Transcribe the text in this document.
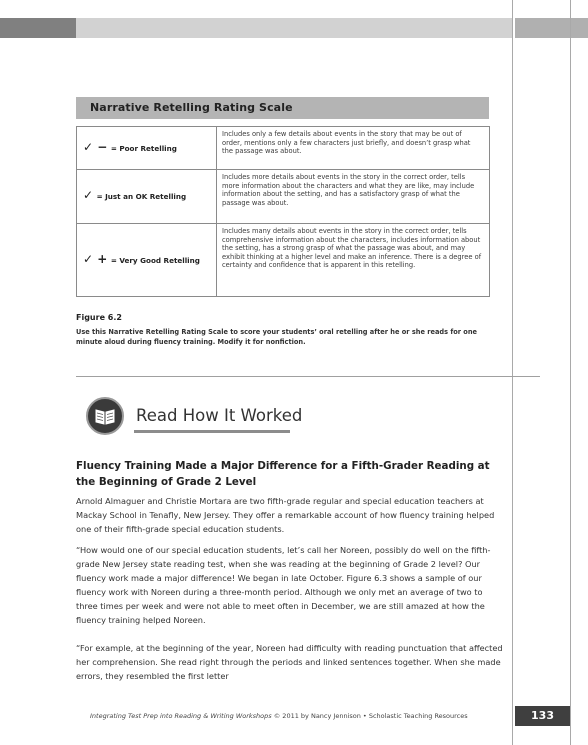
Narrative Retelling Rating Scale
✓ − = Poor Retelling	Includes only a few details about events in the story that may be out of order, mentions only a few characters just briefly, and doesn’t grasp what the passage was about.
✓ = Just an OK Retelling	Includes more details about events in the story in the correct order, tells more information about the characters and what they are like, may include information about the setting, and has a satisfactory grasp of what the passage was about.
✓ + = Very Good Retelling	Includes many details about events in the story in the correct order, tells comprehensive information about the characters, includes information about the setting, has a strong grasp of what the passage was about, and may exhibit thinking at a higher level and make an inference. There is a degree of certainty and confidence that is apparent in this retelling.
Figure 6.2
Use this Narrative Retelling Rating Scale to score your students’ oral retelling after he or she reads for one minute aloud during fluency training. Modify it for nonfiction.
Read How It Worked
Fluency Training Made a Major Difference for a Fifth-Grader Reading at the Beginning of Grade 2 Level
Arnold Almaguer and Christie Mortara are two fifth-grade regular and special education teachers at Mackay School in Tenafly, New Jersey. They offer a remarkable account of how fluency training helped one of their fifth-grade special education students.
“How would one of our special education students, let’s call her Noreen, possibly do well on the fifth-grade New Jersey state reading test, when she was reading at the beginning of Grade 2 level? Our fluency work made a major difference! We began in late October. Figure 6.3 shows a sample of our fluency work with Noreen during a three-month period. Although we only met an average of two to three times per week and were not able to meet often in December, we are still amazed at how the fluency training helped Noreen.
“For example, at the beginning of the year, Noreen had difficulty with reading punctuation that affected her comprehension. She read right through the periods and linked sentences together. When she made errors, they resembled the first letter
Integrating Test Prep into Reading & Writing Workshops © 2011 by Nancy Jennison • Scholastic Teaching Resources	133
